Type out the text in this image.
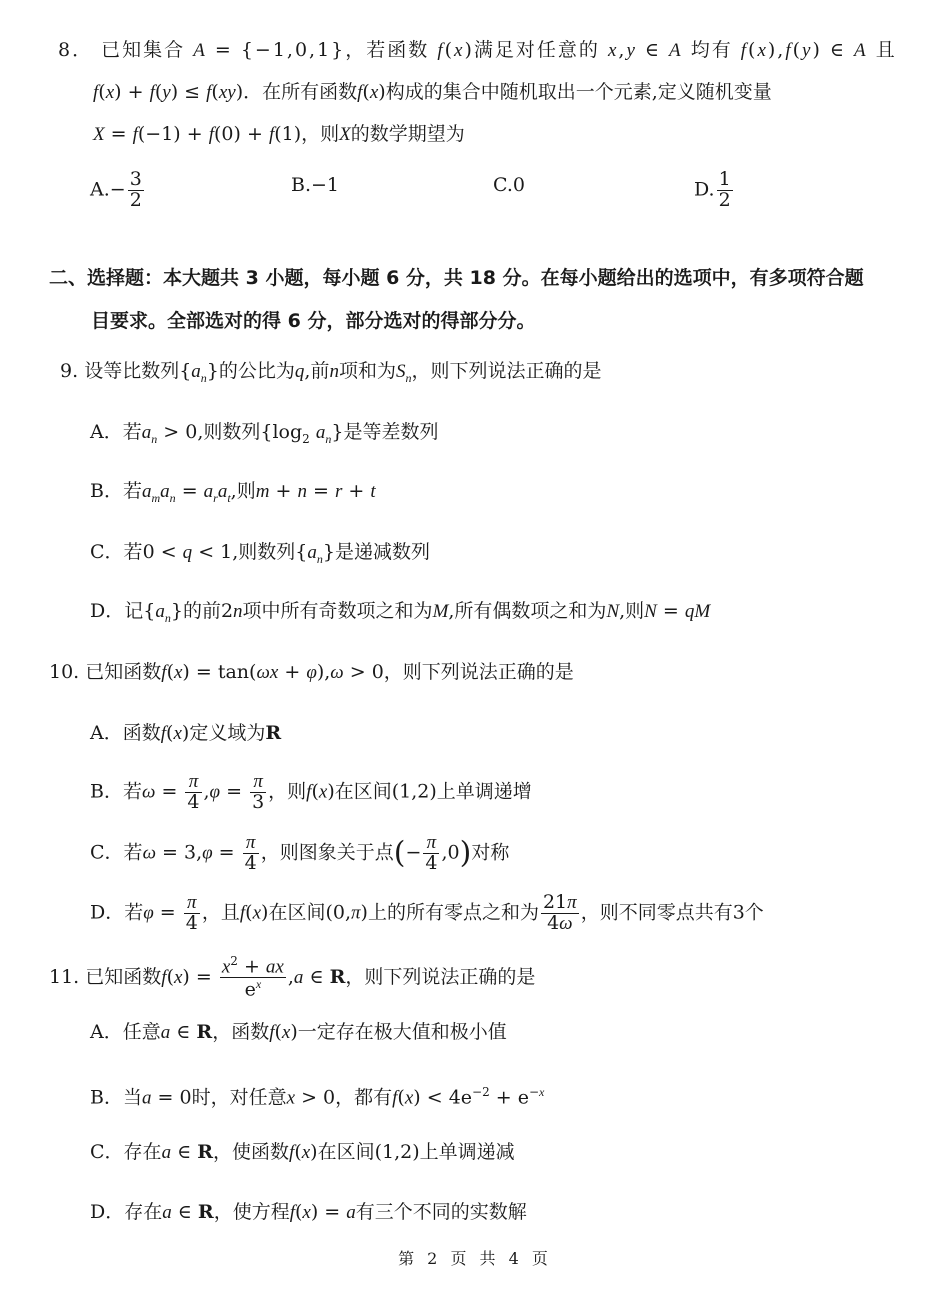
8． 已知集合 A = {−1,0,1}，若函数 f(x)满足对任意的 x,y ∈ A 均有 f(x),f(y) ∈ A 且
f(x) + f(y) ≤ f(xy)．在所有函数f(x)构成的集合中随机取出一个元素,定义随机变量
X = f(−1) + f(0) + f(1)，则X的数学期望为
$A.- \frac{3}{2}$	B.−1	C.0	D. $\frac{1}{2}$
二、选择题：本大题共 3 小题，每小题 6 分，共 18 分。在每小题给出的选项中，有多项符合题
目要求。全部选对的得 6 分，部分选对的得部分分。
9. 设等比数列$\{a_n\}$的公比为q,前n项和为$S_n$，则下列说法正确的是
A．若$a_n > 0$,则数列{$\log_2$ $a_n$}是等差数列
B．若$a_ma_n = a_ra_t$,则m + n = r + t
C．若0 < q < 1,则数列$\{a_n\}$是递减数列
D．记$\{a_n\}$的前2n项中所有奇数项之和为M,所有偶数项之和为N,则N = qM
10. 已知函数f(x) = tan(ωx + φ),ω > 0，则下列说法正确的是
A．函数f(x)定义域为R
B．若$\omega = \frac{\pi}{4} ,\varphi = \frac{\pi}{3}$ ，则f(x)在区间(1,2)上单调递增
C．若$\omega = 3,\varphi = \frac{\pi}{4}$ ，则图象关于点(− $\frac{\pi}{4} ,0$)对称
D．若$\varphi = \frac{\pi}{4}$ ，且f(x)在区间(0,π)上的所有零点之和为 $\frac{21\pi}{4\omega}$ ，则不同零点共有3个
11. 已知函数$f(x) = \frac{x^2 + ax}{e^x} ,a$ ∈ R，则下列说法正确的是
A．任意a ∈ R，函数f(x)一定存在极大值和极小值
B．当a = 0时，对任意x > 0，都有$f(x) < 4e^{-2} + e^{-x}$
C．存在a ∈ R，使函数f(x)在区间(1,2)上单调递减
D．存在a ∈ R，使方程f(x) = a有三个不同的实数解
第 2 页 共 4 页
